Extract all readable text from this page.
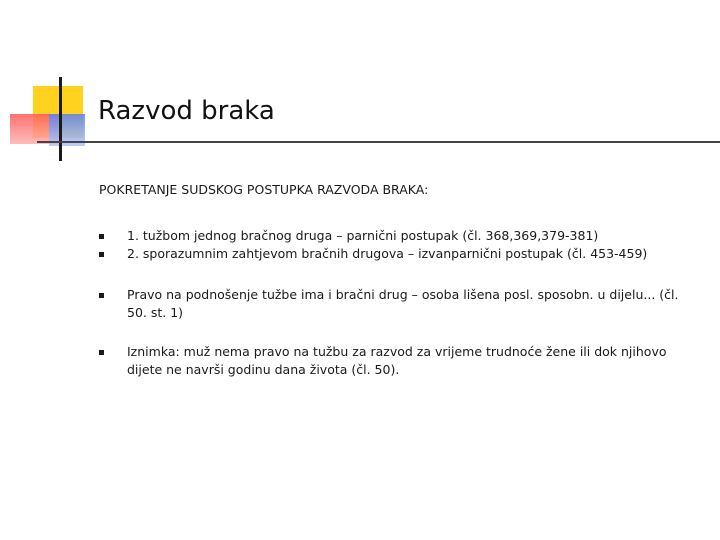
Razvod braka
POKRETANJE SUDSKOG POSTUPKA RAZVODA BRAKA:
1. tužbom jednog bračnog druga – parnični postupak (čl. 368,369,379-381)
2. sporazumnim zahtjevom bračnih drugova – izvanparnični postupak (čl. 453-459)
Pravo na podnošenje tužbe ima i bračni drug – osoba lišena posl. sposobn. u dijelu... (čl. 50. st. 1)
Iznimka: muž nema pravo na tužbu za razvod za vrijeme trudnoće žene ili dok njihovo dijete ne navrši godinu dana života (čl. 50).
